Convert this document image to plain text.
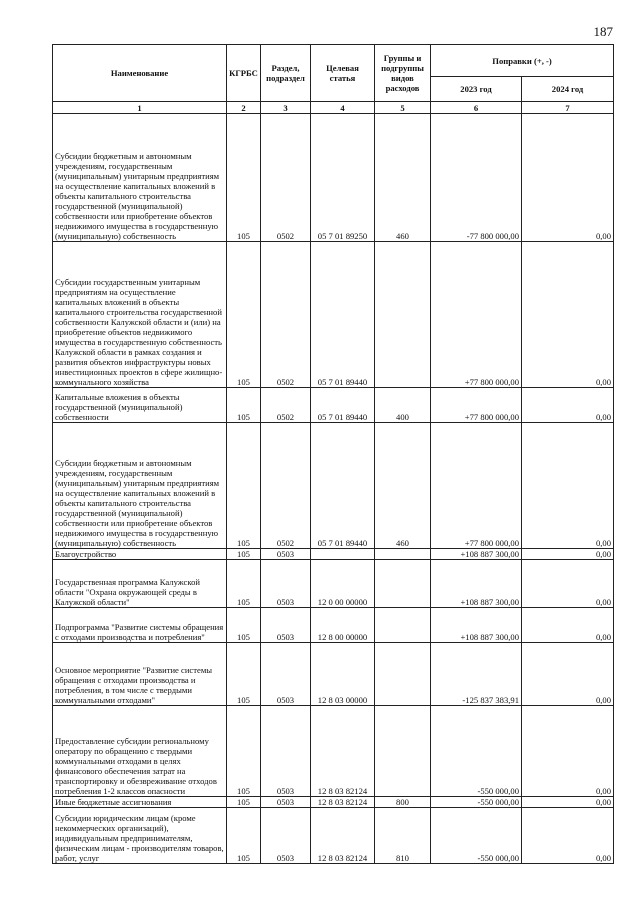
187
Наименование	КГРБС	Раздел, подраздел	Целевая статья	Группы и подгруппы видов расходов	Поправки (+, -)	
					2023 год	2024 год
1	2	3	4	5	6	7
Субсидии бюджетным и автономным учреждениям, государственным (муниципальным) унитарным предприятиям на осуществление капитальных вложений в объекты капитального строительства государственной (муниципальной) собственности или приобретение объектов недвижимого имущества в государственную (муниципальную) собственность	105	0502	05 7 01 89250	460	-77 800 000,00	0,00
Субсидии государственным унитарным предприятиям на осуществление капитальных вложений в объекты капитального строительства государственной собственности Калужской области и (или) на приобретение объектов недвижимого имущества в государственную собственность Калужской области в рамках создания и развития объектов инфраструктуры новых инвестиционных проектов в сфере жилищно-коммунального хозяйства	105	0502	05 7 01 89440		+77 800 000,00	0,00
Капитальные вложения в объекты государственной (муниципальной) собственности	105	0502	05 7 01 89440	400	+77 800 000,00	0,00
Субсидии бюджетным и автономным учреждениям, государственным (муниципальным) унитарным предприятиям на осуществление капитальных вложений в объекты капитального строительства государственной (муниципальной) собственности или приобретение объектов недвижимого имущества в государственную (муниципальную) собственность	105	0502	05 7 01 89440	460	+77 800 000,00	0,00
Благоустройство	105	0503			+108 887 300,00	0,00
Государственная программа Калужской области "Охрана окружающей среды в Калужской области"	105	0503	12 0 00 00000		+108 887 300,00	0,00
Подпрограмма "Развитие системы обращения с отходами производства и потребления"	105	0503	12 8 00 00000		+108 887 300,00	0,00
Основное мероприятие "Развитие системы обращения с отходами производства и потребления, в том числе с твердыми коммунальными отходами"	105	0503	12 8 03 00000		-125 837 383,91	0,00
Предоставление субсидии региональному оператору по обращению с твердыми коммунальными отходами в целях финансового обеспечения затрат на транспортировку и обезвреживание отходов потребления 1-2 классов опасности	105	0503	12 8 03 82124		-550 000,00	0,00
Иные бюджетные ассигнования	105	0503	12 8 03 82124	800	-550 000,00	0,00
Субсидии юридическим лицам (кроме некоммерческих организаций), индивидуальным предпринимателям, физическим лицам - производителям товаров, работ, услуг	105	0503	12 8 03 82124	810	-550 000,00	0,00
